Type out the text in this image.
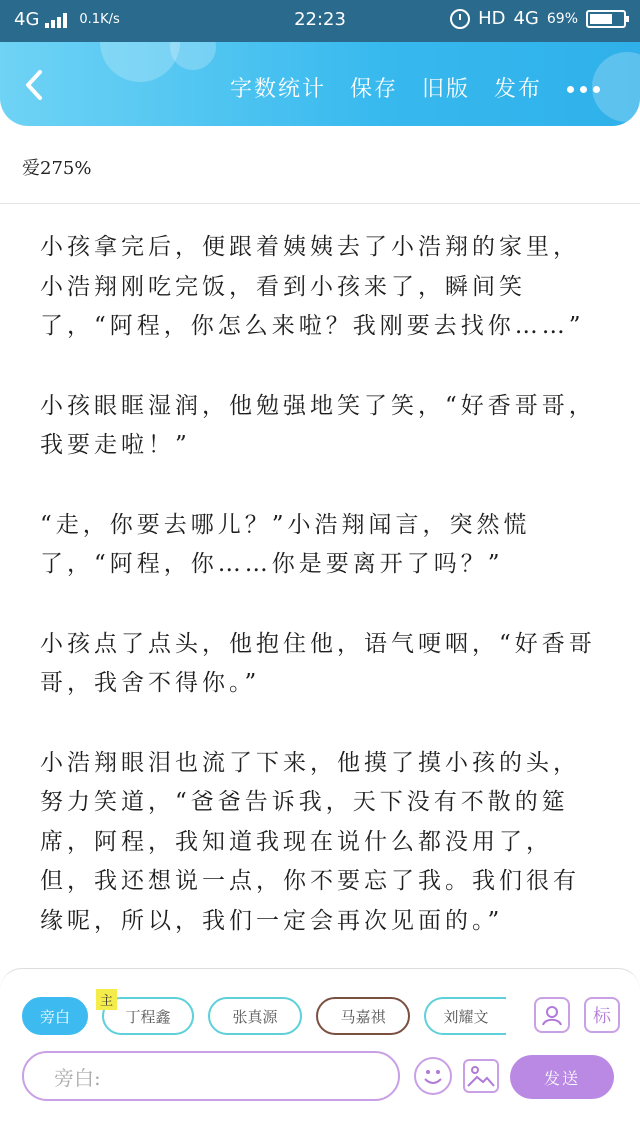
4G	0.1K/s	22:23	HD 4G 69%
字数统计 保存 旧版 发布
爱275%

小孩拿完后，便跟着姨姨去了小浩翔的家里，小浩翔刚吃完饭，看到小孩来了，瞬间笑了，“阿程，你怎么来啦？我刚要去找你……”

小孩眼眶湿润，他勉强地笑了笑，“好香哥哥，我要走啦！”

“走，你要去哪儿？”小浩翔闻言，突然慌了，“阿程，你……你是要离开了吗？”

小孩点了点头，他抱住他，语气哽咽，“好香哥哥，我舍不得你。”

小浩翔眼泪也流了下来，他摸了摸小孩的头，努力笑道，“爸爸告诉我，天下没有不散的筵席，阿程，我知道我现在说什么都没用了，但，我还想说一点，你不要忘了我。我们很有缘呢，所以，我们一定会再次见面的。”

旁白
主
丁程鑫	张真源	马嘉祺	刘耀文	标
旁白:	发送
